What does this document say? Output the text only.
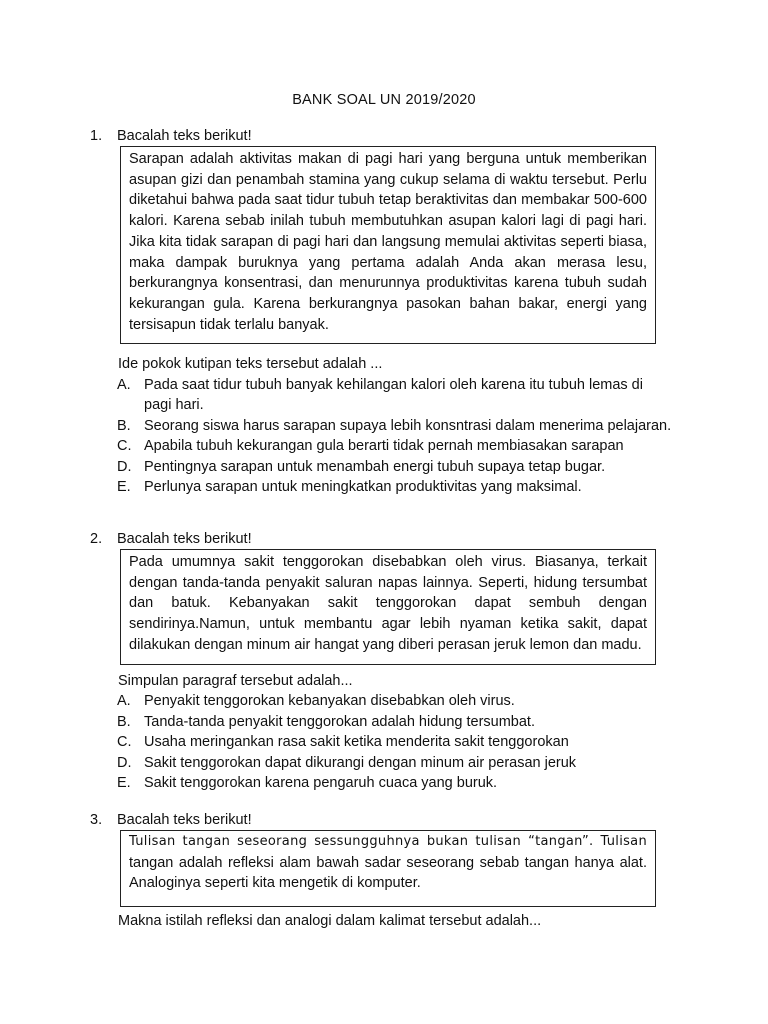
BANK SOAL UN 2019/2020
1. Bacalah teks berikut!
Sarapan adalah aktivitas makan di pagi hari yang berguna untuk memberikan asupan gizi dan penambah stamina yang cukup selama di waktu tersebut. Perlu diketahui bahwa pada saat tidur tubuh tetap beraktivitas dan membakar 500-600 kalori. Karena sebab inilah tubuh membutuhkan asupan kalori lagi di pagi hari. Jika kita tidak sarapan di pagi hari dan langsung memulai aktivitas seperti biasa, maka dampak buruknya yang pertama adalah Anda akan merasa lesu, berkurangnya konsentrasi, dan menurunnya produktivitas karena tubuh sudah kekurangan gula. Karena berkurangnya pasokan bahan bakar, energi yang tersisapun tidak terlalu banyak.
Ide pokok kutipan teks tersebut adalah ...
A. Pada saat tidur tubuh banyak kehilangan kalori oleh karena itu tubuh lemas di pagi hari.
B. Seorang siswa harus sarapan supaya lebih konsntrasi dalam menerima pelajaran.
C. Apabila tubuh kekurangan gula berarti tidak pernah membiasakan sarapan
D. Pentingnya sarapan untuk menambah energi tubuh supaya tetap bugar.
E. Perlunya sarapan untuk meningkatkan produktivitas yang maksimal.
2. Bacalah teks berikut!
Pada umumnya sakit tenggorokan disebabkan oleh virus. Biasanya, terkait dengan tanda-tanda penyakit saluran napas lainnya. Seperti, hidung tersumbat dan batuk. Kebanyakan sakit tenggorokan dapat sembuh dengan sendirinya.Namun, untuk membantu agar lebih nyaman ketika sakit, dapat dilakukan dengan minum air hangat yang diberi perasan jeruk lemon dan madu.
Simpulan paragraf tersebut adalah...
A. Penyakit tenggorokan kebanyakan disebabkan oleh virus.
B. Tanda-tanda penyakit tenggorokan adalah hidung tersumbat.
C. Usaha meringankan rasa sakit ketika menderita sakit tenggorokan
D. Sakit tenggorokan dapat dikurangi dengan minum air perasan jeruk
E. Sakit tenggorokan karena pengaruh cuaca yang buruk.
3. Bacalah teks berikut!
Tulisan tangan seseorang sessungguhnya bukan tulisan “tangan”. Tulisan tangan adalah refleksi alam bawah sadar seseorang sebab tangan hanya alat. Analoginya seperti kita mengetik di komputer.
Makna istilah refleksi dan analogi dalam kalimat tersebut adalah...
